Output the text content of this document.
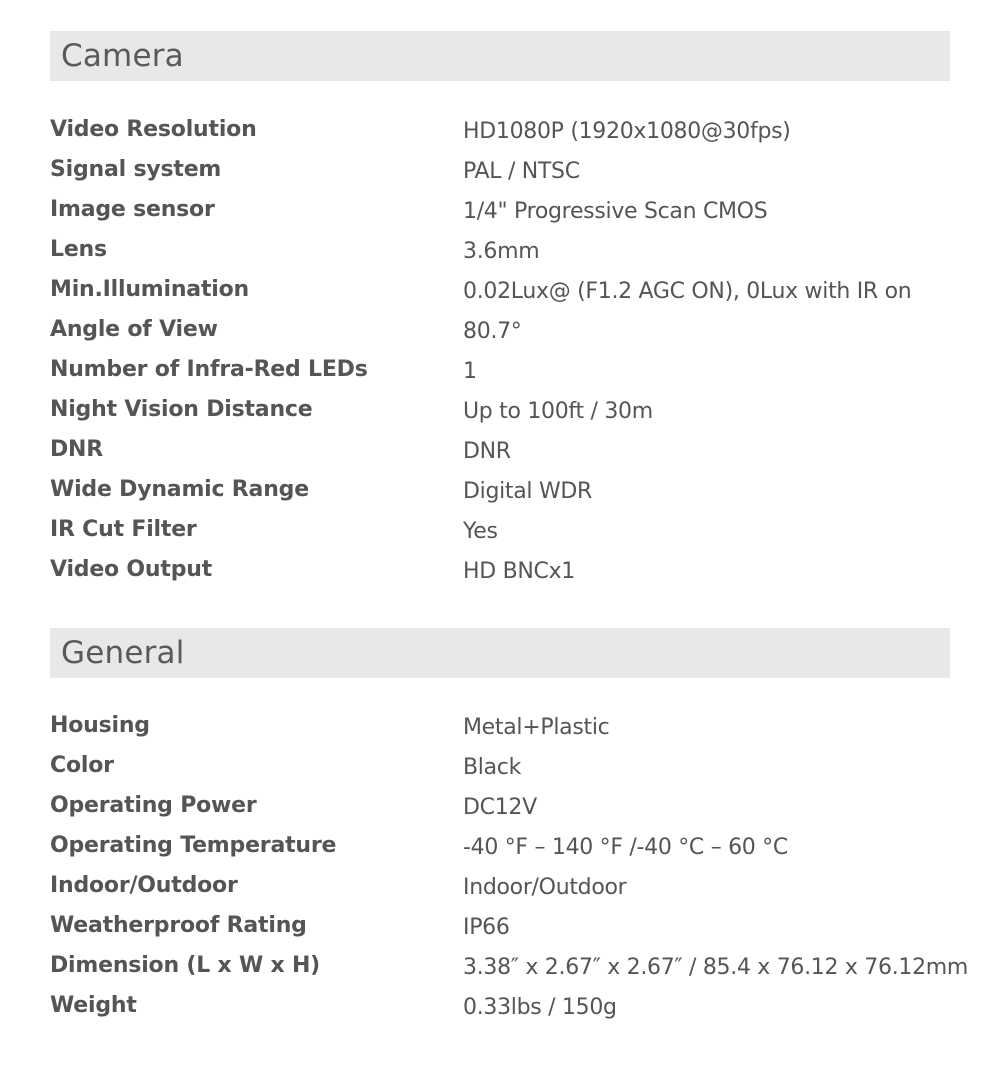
Camera
Video Resolution	HD1080P (1920x1080@30fps)
Signal system	PAL / NTSC
Image sensor	1/4" Progressive Scan CMOS
Lens	3.6mm
Min.Illumination	0.02Lux@ (F1.2 AGC ON), 0Lux with IR on
Angle of View	80.7°
Number of Infra-Red LEDs	1
Night Vision Distance	Up to 100ft / 30m
DNR	DNR
Wide Dynamic Range	Digital WDR
IR Cut Filter	Yes
Video Output	HD BNCx1
General
Housing	Metal+Plastic
Color	Black
Operating Power	DC12V
Operating Temperature	-40 °F – 140 °F /-40 °C – 60 °C
Indoor/Outdoor	Indoor/Outdoor
Weatherproof Rating	IP66
Dimension (L x W x H)	3.38″ x 2.67″ x 2.67″ / 85.4 x 76.12 x 76.12mm
Weight	0.33lbs / 150g
